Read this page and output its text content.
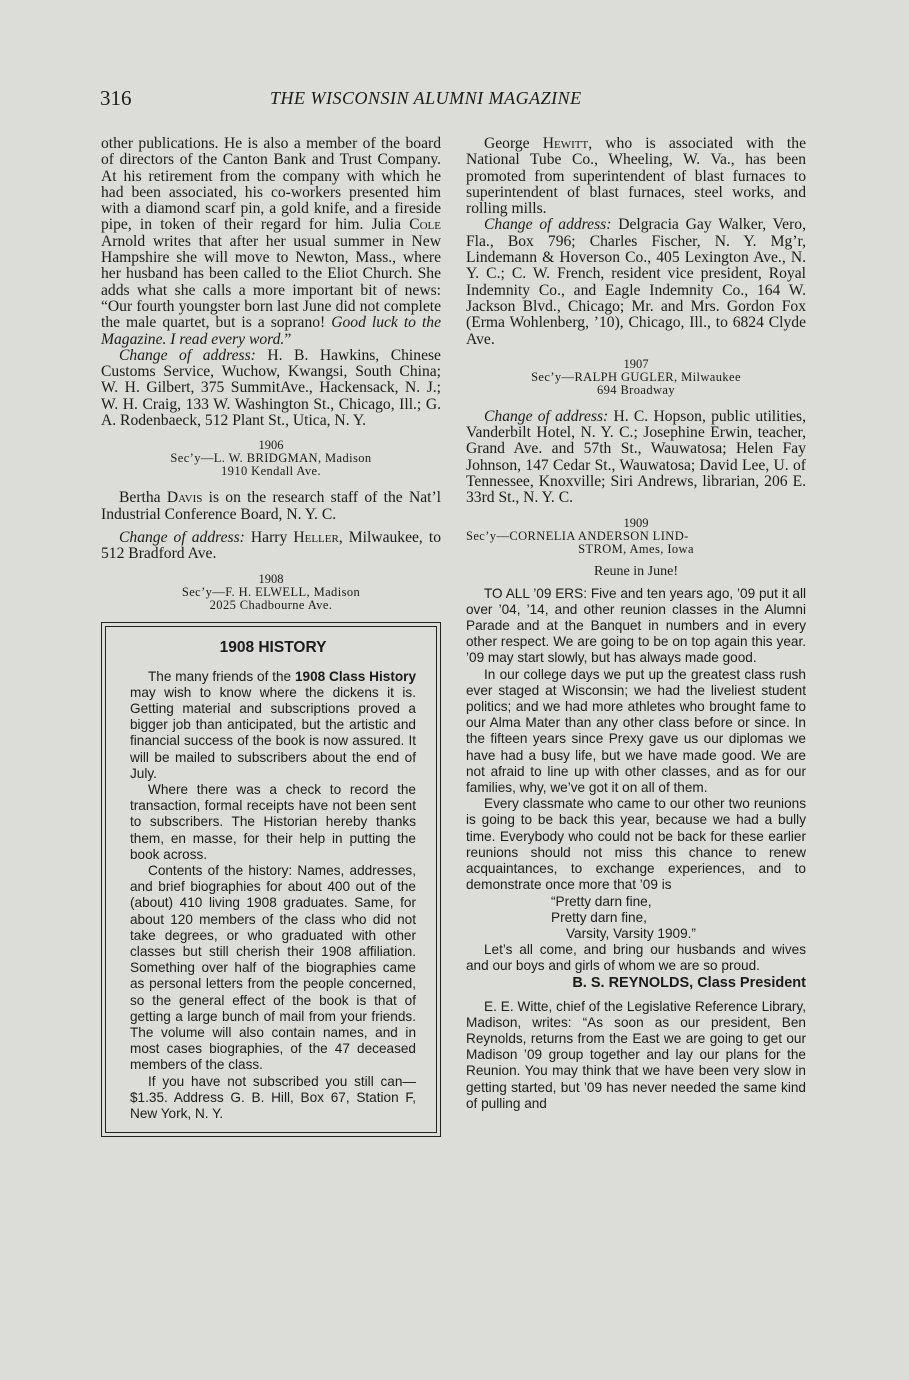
316	THE WISCONSIN ALUMNI MAGAZINE

other publications. He is also a member of the board of directors of the Canton Bank and Trust Company. At his retirement from the company with which he had been associated, his co-workers presented him with a diamond scarf pin, a gold knife, and a fireside pipe, in token of their regard for him. Julia Cole Arnold writes that after her usual summer in New Hampshire she will move to Newton, Mass., where her husband has been called to the Eliot Church. She adds what she calls a more important bit of news: “Our fourth youngster born last June did not complete the male quartet, but is a soprano! Good luck to the Magazine. I read every word.”

Change of address: H. B. Hawkins, Chinese Customs Service, Wuchow, Kwangsi, South China; W. H. Gilbert, 375 SummitAve., Hackensack, N. J.; W. H. Craig, 133 W. Washington St., Chicago, Ill.; G. A. Rodenbaeck, 512 Plant St., Utica, N. Y.

1906
Sec’y—L. W. BRIDGMAN, Madison
1910 Kendall Ave.

Bertha Davis is on the research staff of the Nat’l Industrial Conference Board, N. Y. C.

Change of address: Harry Heller, Milwaukee, to 512 Bradford Ave.

1908
Sec’y—F. H. ELWELL, Madison
2025 Chadbourne Ave.
1908 HISTORY

The many friends of the 1908 Class History may wish to know where the dickens it is. Getting material and subscriptions proved a bigger job than anticipated, but the artistic and financial success of the book is now assured. It will be mailed to subscribers about the end of July.

Where there was a check to record the transaction, formal receipts have not been sent to subscribers. The Historian hereby thanks them, en masse, for their help in putting the book across.

Contents of the history: Names, addresses, and brief biographies for about 400 out of the (about) 410 living 1908 graduates. Same, for about 120 members of the class who did not take degrees, or who graduated with other classes but still cherish their 1908 affiliation. Something over half of the biographies came as personal letters from the people concerned, so the general effect of the book is that of getting a large bunch of mail from your friends. The volume will also contain names, and in most cases biographies, of the 47 deceased members of the class.

If you have not subscribed you still can—$1.35. Address G. B. Hill, Box 67, Station F, New York, N. Y.

George Hewitt, who is associated with the National Tube Co., Wheeling, W. Va., has been promoted from superintendent of blast furnaces to superintendent of blast furnaces, steel works, and rolling mills.

Change of address: Delgracia Gay Walker, Vero, Fla., Box 796; Charles Fischer, N. Y. Mg’r, Lindemann & Hoverson Co., 405 Lexington Ave., N. Y. C.; C. W. French, resident vice president, Royal Indemnity Co., and Eagle Indemnity Co., 164 W. Jackson Blvd., Chicago; Mr. and Mrs. Gordon Fox (Erma Wohlenberg, ’10), Chicago, Ill., to 6824 Clyde Ave.

1907
Sec’y—RALPH GUGLER, Milwaukee
694 Broadway

Change of address: H. C. Hopson, public utilities, Vanderbilt Hotel, N. Y. C.; Josephine Erwin, teacher, Grand Ave. and 57th St., Wauwatosa; Helen Fay Johnson, 147 Cedar St., Wauwatosa; David Lee, U. of Tennessee, Knoxville; Siri Andrews, librarian, 206 E. 33rd St., N. Y. C.

1909
Sec’y—CORNELIA ANDERSON LIND-
STROM, Ames, Iowa
Reune in June!

TO ALL ’09 ERS: Five and ten years ago, ’09 put it all over ’04, ’14, and other reunion classes in the Alumni Parade and at the Banquet in numbers and in every other respect. We are going to be on top again this year. ’09 may start slowly, but has always made good.

In our college days we put up the greatest class rush ever staged at Wisconsin; we had the liveliest student politics; and we had more athletes who brought fame to our Alma Mater than any other class before or since. In the fifteen years since Prexy gave us our diplomas we have had a busy life, but we have made good. We are not afraid to line up with other classes, and as for our families, why, we’ve got it on all of them.

Every classmate who came to our other two reunions is going to be back this year, because we had a bully time. Everybody who could not be back for these earlier reunions should not miss this chance to renew acquaintances, to exchange experiences, and to demonstrate once more that ’09 is

“Pretty darn fine,
Pretty darn fine,
Varsity, Varsity 1909.”

Let’s all come, and bring our husbands and wives and our boys and girls of whom we are so proud.

B. S. REYNOLDS, Class President

E. E. Witte, chief of the Legislative Reference Library, Madison, writes: “As soon as our president, Ben Reynolds, returns from the East we are going to get our Madison ’09 group together and lay our plans for the Reunion. You may think that we have been very slow in getting started, but ’09 has never needed the same kind of pulling and
